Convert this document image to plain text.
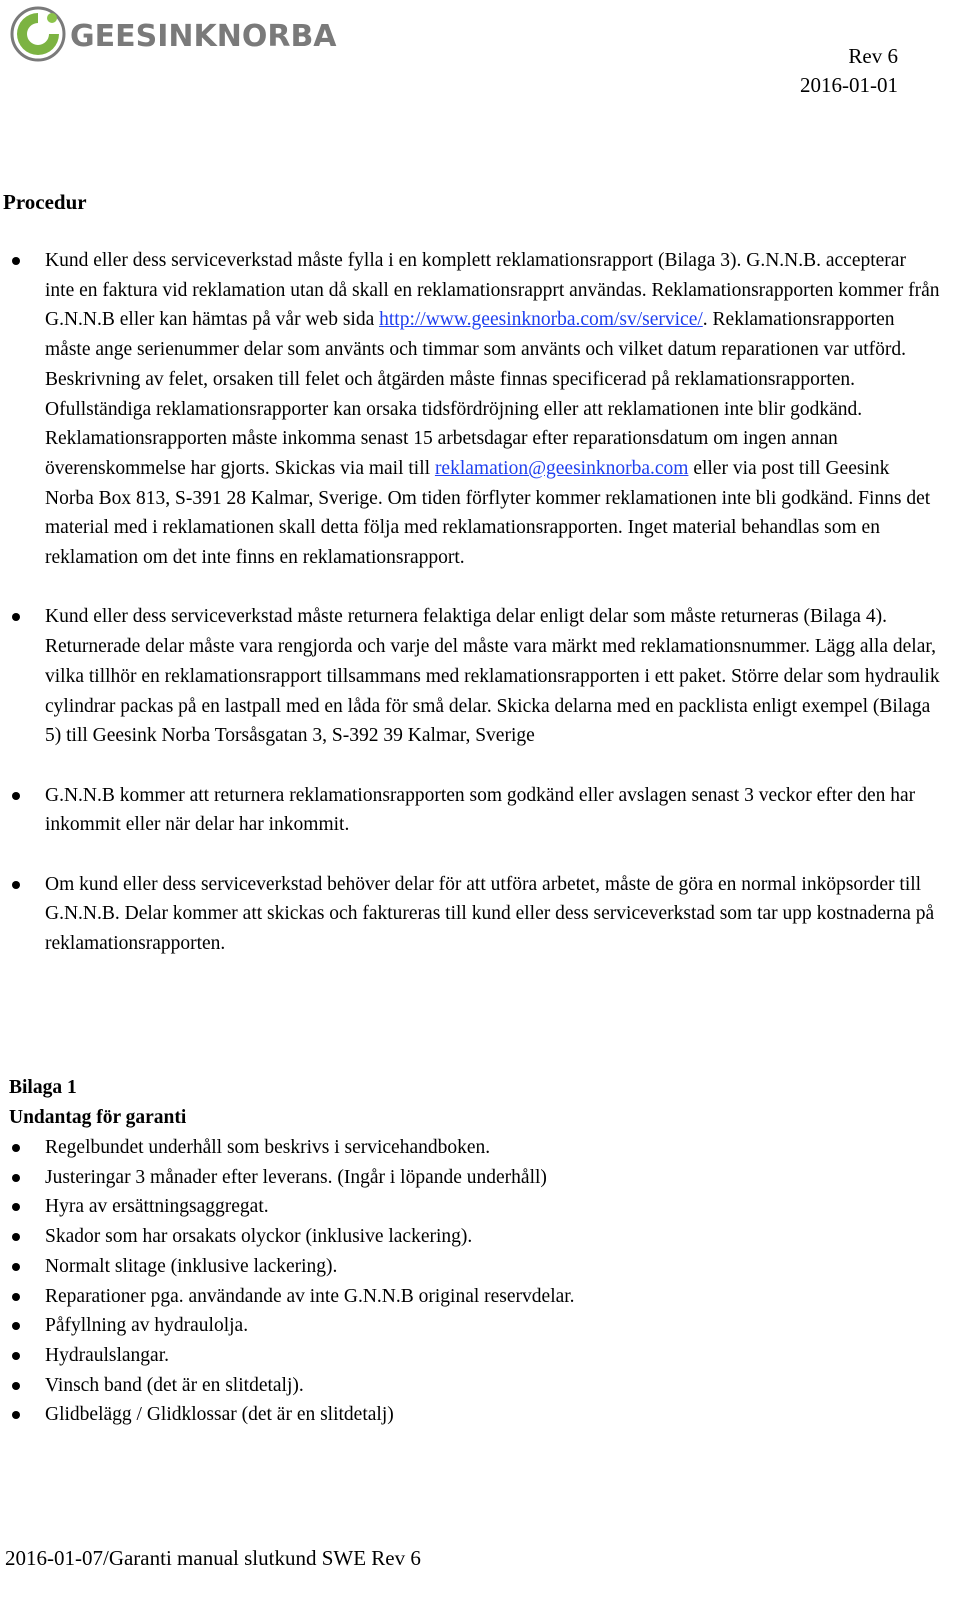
GEESINKNORBA
Rev 6
2016-01-01
Procedur
Kund eller dess serviceverkstad måste fylla i en komplett reklamationsrapport (Bilaga 3). G.N.N.B. accepterar inte en faktura vid reklamation utan då skall en reklamationsrapprt användas. Reklamationsrapporten kommer från G.N.N.B eller kan hämtas på vår web sida http://www.geesinknorba.com/sv/service/. Reklamationsrapporten måste ange serienummer delar som använts och timmar som använts och vilket datum reparationen var utförd. Beskrivning av felet, orsaken till felet och åtgärden måste finnas specificerad på reklamationsrapporten. Ofullständiga reklamationsrapporter kan orsaka tidsfördröjning eller att reklamationen inte blir godkänd. Reklamationsrapporten måste inkomma senast 15 arbetsdagar efter reparationsdatum om ingen annan överenskommelse har gjorts. Skickas via mail till reklamation@geesinknorba.com eller via post till Geesink Norba Box 813, S-391 28 Kalmar, Sverige. Om tiden förflyter kommer reklamationen inte bli godkänd. Finns det material med i reklamationen skall detta följa med reklamationsrapporten. Inget material behandlas som en reklamation om det inte finns en reklamationsrapport.
Kund eller dess serviceverkstad måste returnera felaktiga delar enligt delar som måste returneras (Bilaga 4). Returnerade delar måste vara rengjorda och varje del måste vara märkt med reklamationsnummer. Lägg alla delar, vilka tillhör en reklamationsrapport tillsammans med reklamationsrapporten i ett paket. Större delar som hydraulik cylindrar packas på en lastpall med en låda för små delar. Skicka delarna med en packlista enligt exempel (Bilaga 5) till Geesink Norba Torsåsgatan 3, S-392 39 Kalmar, Sverige
G.N.N.B kommer att returnera reklamationsrapporten som godkänd eller avslagen senast 3 veckor efter den har inkommit eller när delar har inkommit.
Om kund eller dess serviceverkstad behöver delar för att utföra arbetet, måste de göra en normal inköpsorder till G.N.N.B. Delar kommer att skickas och faktureras till kund eller dess serviceverkstad som tar upp kostnaderna på reklamationsrapporten.
Bilaga 1
Undantag för garanti
Regelbundet underhåll som beskrivs i servicehandboken.
Justeringar 3 månader efter leverans. (Ingår i löpande underhåll)
Hyra av ersättningsaggregat.
Skador som har orsakats olyckor (inklusive lackering).
Normalt slitage (inklusive lackering).
Reparationer pga. användande av inte G.N.N.B original reservdelar.
Påfyllning av hydraulolja.
Hydraulslangar.
Vinsch band (det är en slitdetalj).
Glidbelägg / Glidklossar (det är en slitdetalj)
2016-01-07/Garanti manual slutkund SWE Rev 6
